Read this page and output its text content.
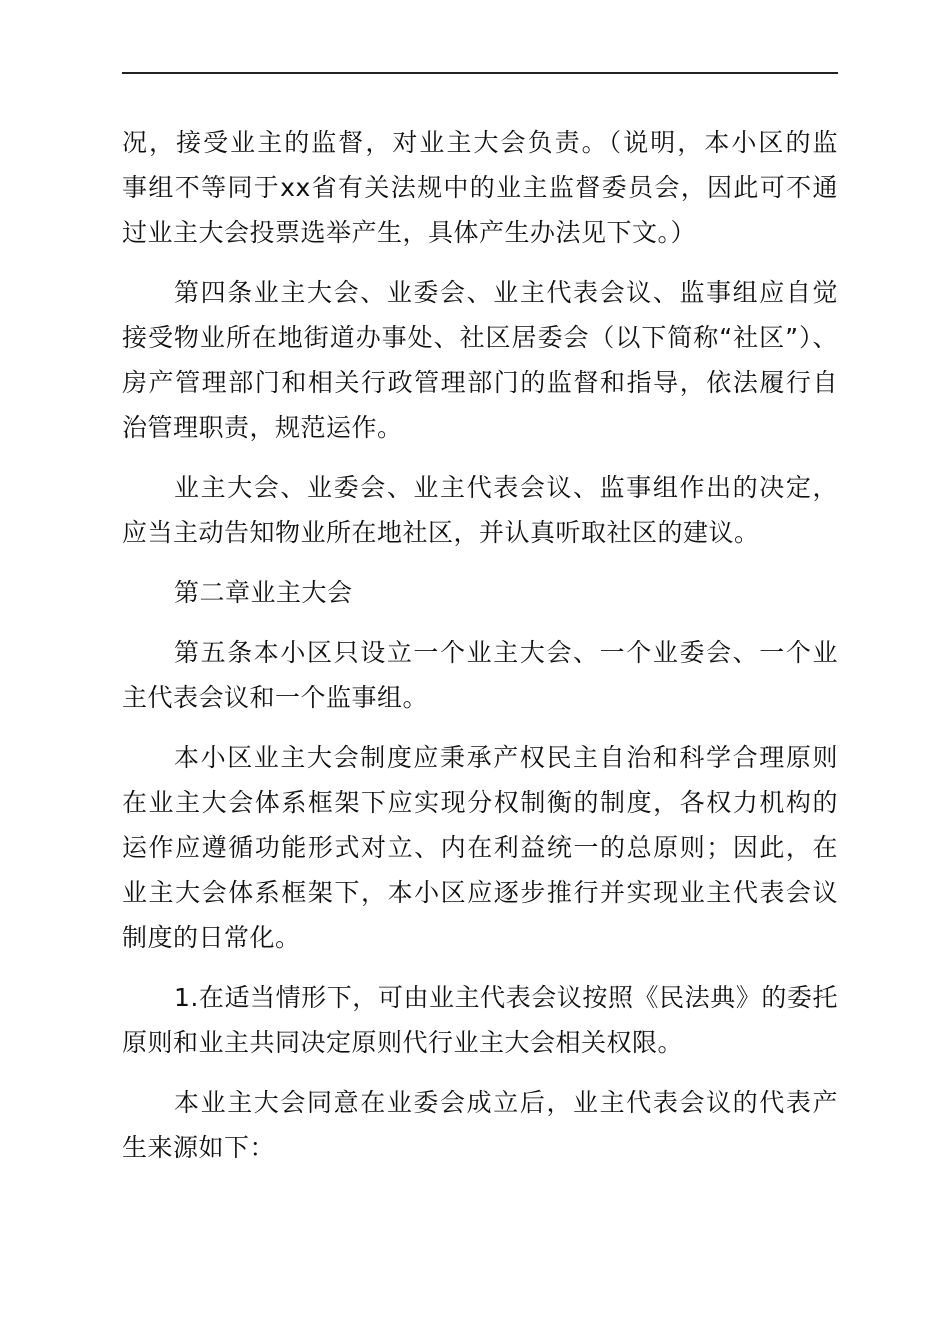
况，接受业主的监督，对业主大会负责。（说明，本小区的监
事组不等同于xx省有关法规中的业主监督委员会，因此可不通
过业主大会投票选举产生，具体产生办法见下文。）
第四条业主大会、业委会、业主代表会议、监事组应自觉
接受物业所在地街道办事处、社区居委会（以下简称“社区”）、
房产管理部门和相关行政管理部门的监督和指导，依法履行自
治管理职责，规范运作。
业主大会、业委会、业主代表会议、监事组作出的决定，
应当主动告知物业所在地社区，并认真听取社区的建议。
第二章业主大会
第五条本小区只设立一个业主大会、一个业委会、一个业
主代表会议和一个监事组。
本小区业主大会制度应秉承产权民主自治和科学合理原则
在业主大会体系框架下应实现分权制衡的制度，各权力机构的
运作应遵循功能形式对立、内在利益统一的总原则；因此，在
业主大会体系框架下，本小区应逐步推行并实现业主代表会议
制度的日常化。
1.在适当情形下，可由业主代表会议按照《民法典》的委托
原则和业主共同决定原则代行业主大会相关权限。
本业主大会同意在业委会成立后，业主代表会议的代表产
生来源如下：
